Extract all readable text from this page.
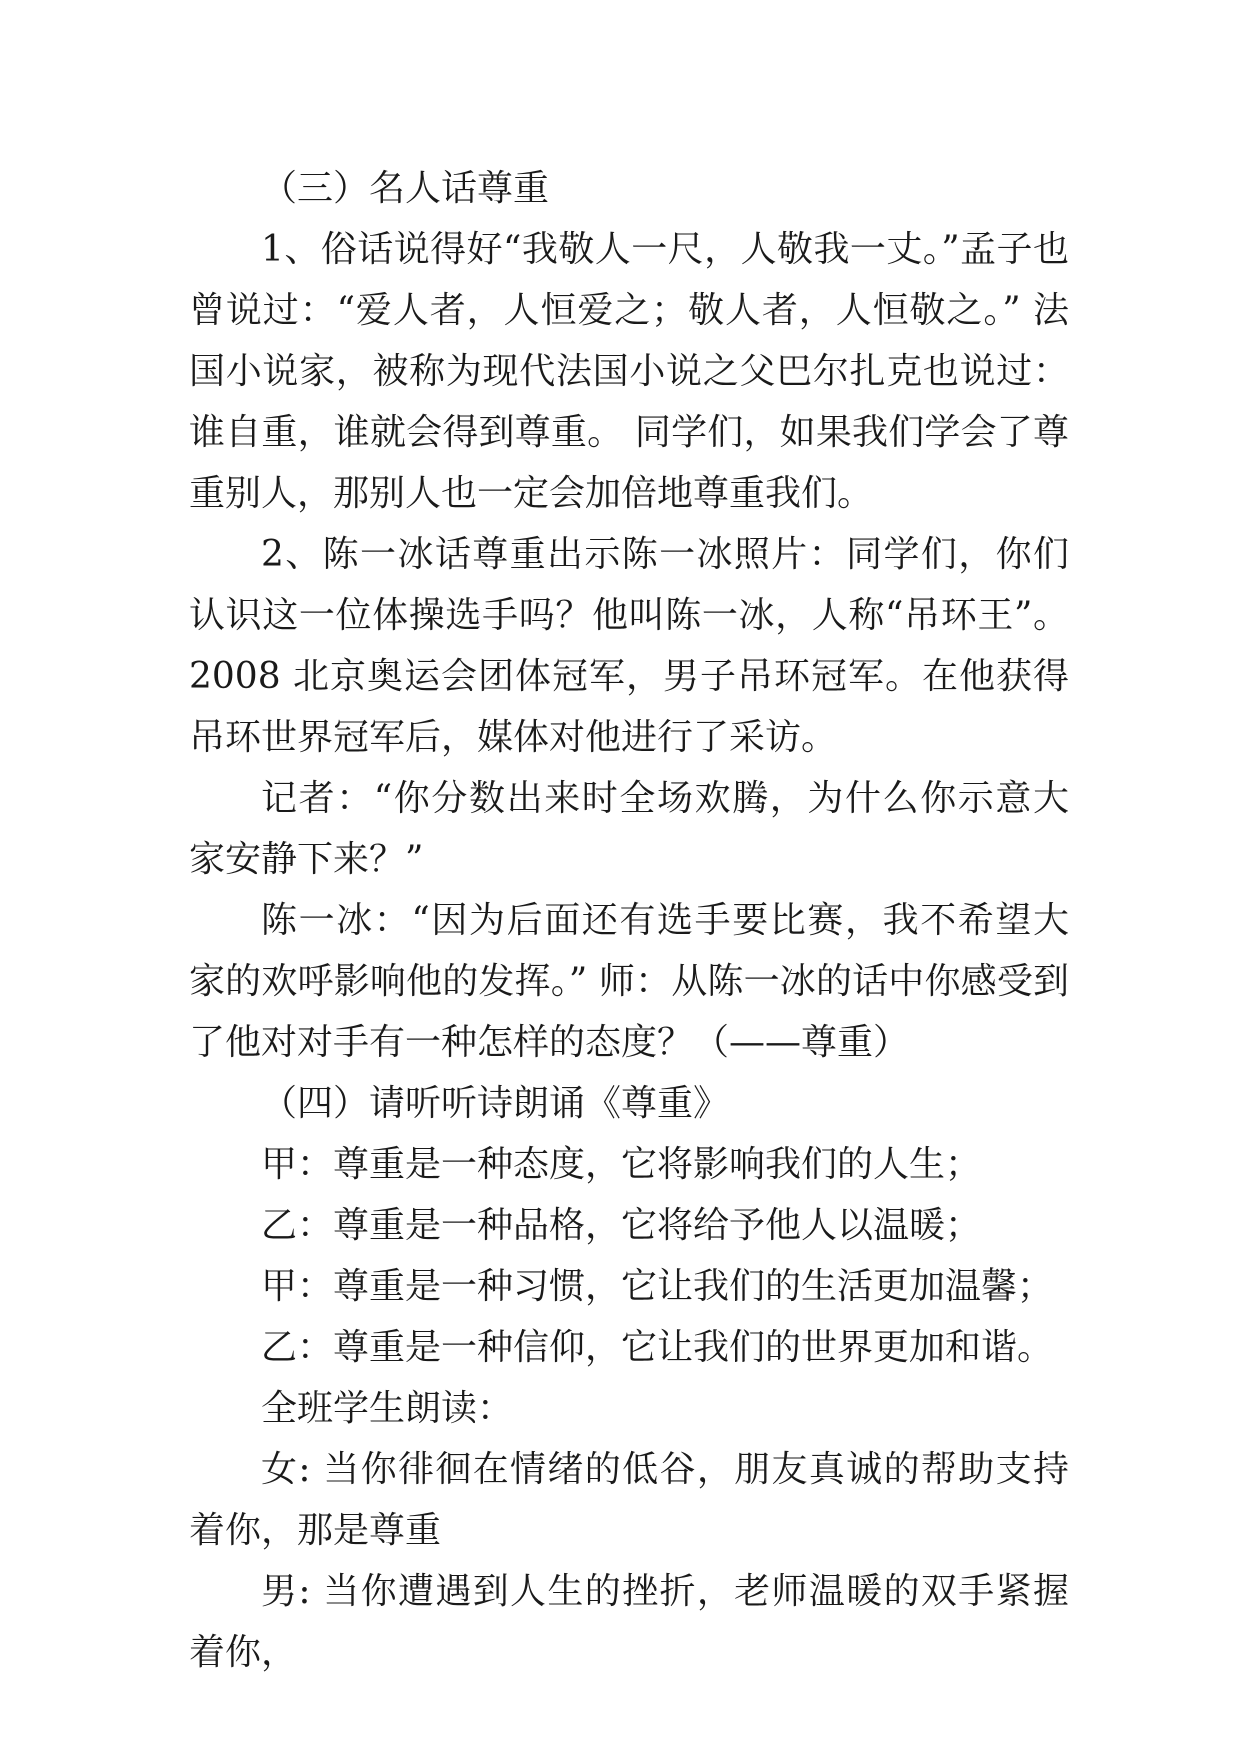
（三）名人话尊重

1、俗话说得好“我敬人一尺，人敬我一丈。”孟子也曾说过：“爱人者，人恒爱之；敬人者，人恒敬之。” 法国小说家，被称为现代法国小说之父巴尔扎克也说过：谁自重，谁就会得到尊重。 同学们，如果我们学会了尊重别人，那别人也一定会加倍地尊重我们。

2、陈一冰话尊重出示陈一冰照片：同学们，你们认识这一位体操选手吗？他叫陈一冰，人称“吊环王”。2008 北京奥运会团体冠军，男子吊环冠军。在他获得吊环世界冠军后，媒体对他进行了采访。

记者：“你分数出来时全场欢腾，为什么你示意大家安静下来？”

陈一冰：“因为后面还有选手要比赛，我不希望大家的欢呼影响他的发挥。” 师：从陈一冰的话中你感受到了他对对手有一种怎样的态度？（——尊重）

（四）请听听诗朗诵《尊重》

甲：尊重是一种态度，它将影响我们的人生；
乙：尊重是一种品格，它将给予他人以温暖；
甲：尊重是一种习惯，它让我们的生活更加温馨；
乙：尊重是一种信仰，它让我们的世界更加和谐。

全班学生朗读：

女: 当你徘徊在情绪的低谷，朋友真诚的帮助支持着你，那是尊重

男: 当你遭遇到人生的挫折，老师温暖的双手紧握着你，
